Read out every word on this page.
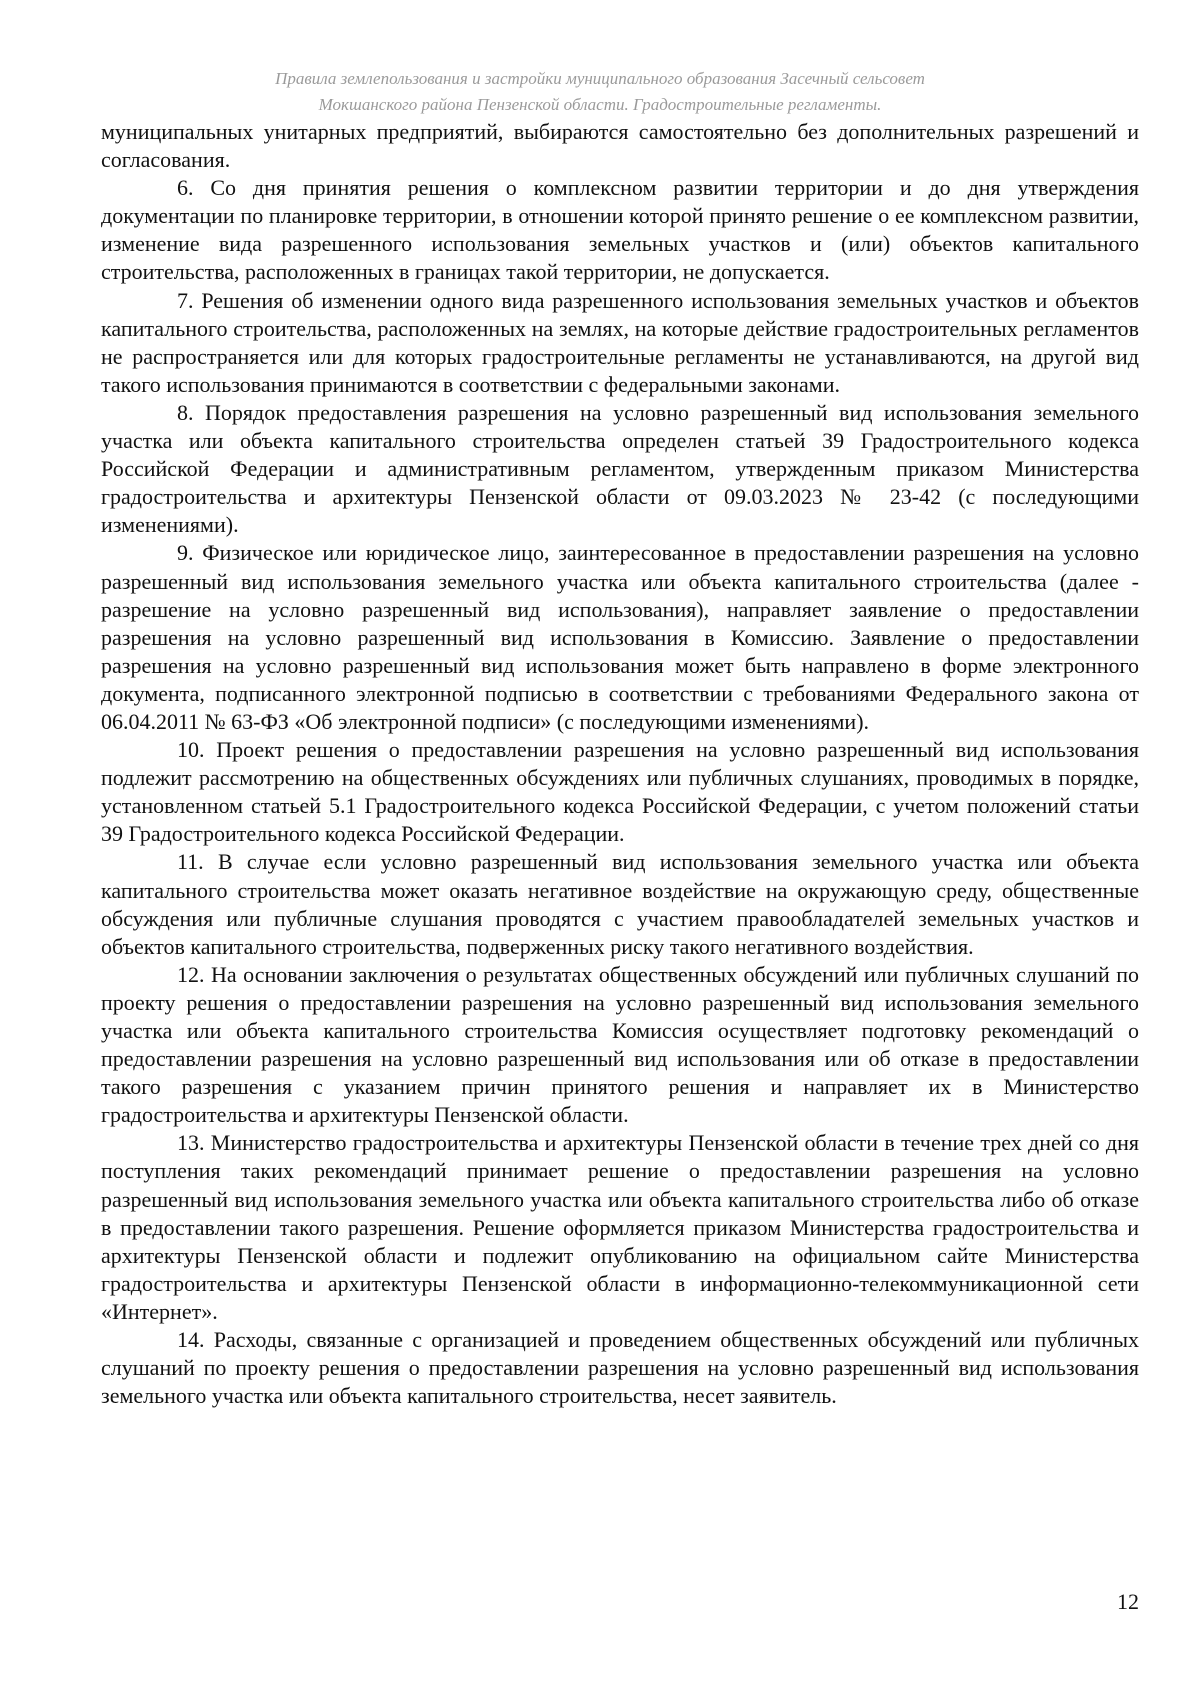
Правила землепользования и застройки муниципального образования Засечный сельсовет
Мокшанского района Пензенской области. Градостроительные регламенты.

муниципальных унитарных предприятий, выбираются самостоятельно без дополнительных разрешений и согласования.

6. Со дня принятия решения о комплексном развитии территории и до дня утверждения документации по планировке территории, в отношении которой принято решение о ее комплексном развитии, изменение вида разрешенного использования земельных участков и (или) объектов капитального строительства, расположенных в границах такой территории, не допускается.

7. Решения об изменении одного вида разрешенного использования земельных участков и объектов капитального строительства, расположенных на землях, на которые действие градостроительных регламентов не распространяется или для которых градостроительные регламенты не устанавливаются, на другой вид такого использования принимаются в соответствии с федеральными законами.

8. Порядок предоставления разрешения на условно разрешенный вид использования земельного участка или объекта капитального строительства определен статьей 39 Градостроительного кодекса Российской Федерации и административным регламентом, утвержденным приказом Министерства градостроительства и архитектуры Пензенской области от 09.03.2023 № 23-42 (с последующими изменениями).

9. Физическое или юридическое лицо, заинтересованное в предоставлении разрешения на условно разрешенный вид использования земельного участка или объекта капитального строительства (далее - разрешение на условно разрешенный вид использования), направляет заявление о предоставлении разрешения на условно разрешенный вид использования в Комиссию. Заявление о предоставлении разрешения на условно разрешенный вид использования может быть направлено в форме электронного документа, подписанного электронной подписью в соответствии с требованиями Федерального закона от 06.04.2011 № 63-ФЗ «Об электронной подписи» (с последующими изменениями).

10. Проект решения о предоставлении разрешения на условно разрешенный вид использования подлежит рассмотрению на общественных обсуждениях или публичных слушаниях, проводимых в порядке, установленном статьей 5.1 Градостроительного кодекса Российской Федерации, с учетом положений статьи 39 Градостроительного кодекса Российской Федерации.

11. В случае если условно разрешенный вид использования земельного участка или объекта капитального строительства может оказать негативное воздействие на окружающую среду, общественные обсуждения или публичные слушания проводятся с участием правообладателей земельных участков и объектов капитального строительства, подверженных риску такого негативного воздействия.

12. На основании заключения о результатах общественных обсуждений или публичных слушаний по проекту решения о предоставлении разрешения на условно разрешенный вид использования земельного участка или объекта капитального строительства Комиссия осуществляет подготовку рекомендаций о предоставлении разрешения на условно разрешенный вид использования или об отказе в предоставлении такого разрешения с указанием причин принятого решения и направляет их в Министерство градостроительства и архитектуры Пензенской области.

13. Министерство градостроительства и архитектуры Пензенской области в течение трех дней со дня поступления таких рекомендаций принимает решение о предоставлении разрешения на условно разрешенный вид использования земельного участка или объекта капитального строительства либо об отказе в предоставлении такого разрешения. Решение оформляется приказом Министерства градостроительства и архитектуры Пензенской области и подлежит опубликованию на официальном сайте Министерства градостроительства и архитектуры Пензенской области в информационно-телекоммуникационной сети «Интернет».

14. Расходы, связанные с организацией и проведением общественных обсуждений или публичных слушаний по проекту решения о предоставлении разрешения на условно разрешенный вид использования земельного участка или объекта капитального строительства, несет заявитель.

12
